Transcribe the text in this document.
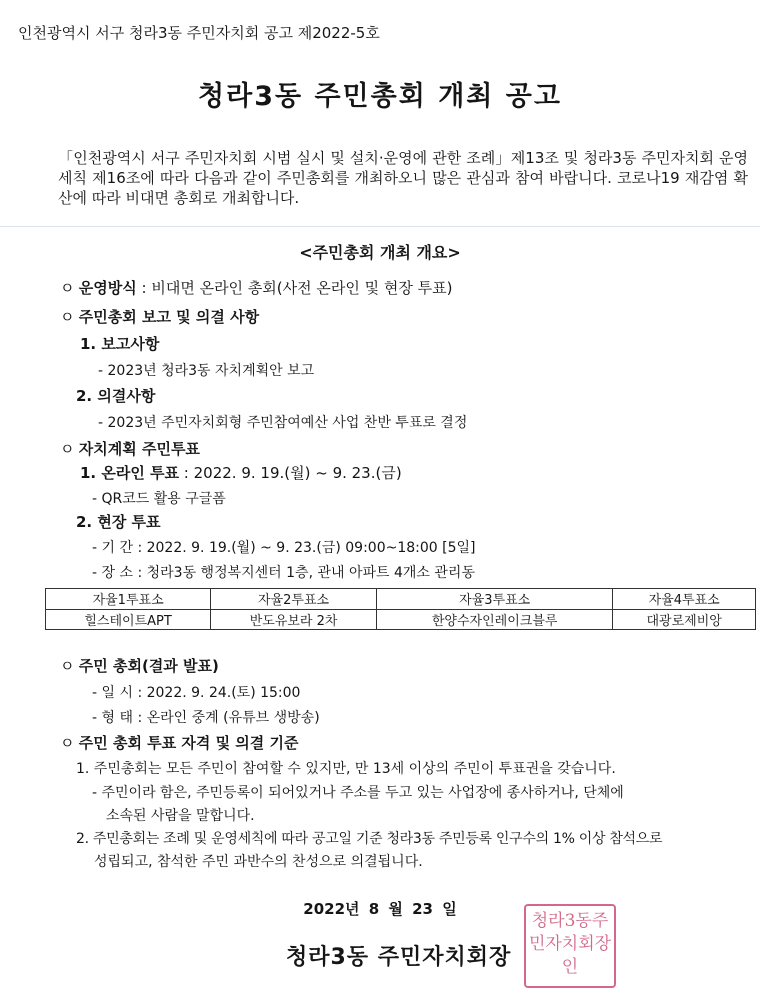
인천광역시 서구 청라3동 주민자치회 공고 제2022-5호
청라3동 주민총회 개최 공고
「인천광역시 서구 주민자치회 시범 실시 및 설치·운영에 관한 조례」제13조 및 청라3동 주민자치회 운영세칙 제16조에 따라 다음과 같이 주민총회를 개최하오니 많은 관심과 참여 바랍니다. 코로나19 재감염 확산에 따라 비대면 총회로 개최합니다.
<주민총회 개최 개요>
ㅇ 운영방식 : 비대면 온라인 총회(사전 온라인 및 현장 투표)
ㅇ 주민총회 보고 및 의결 사항
1. 보고사항
- 2023년 청라3동 자치계획안 보고
2. 의결사항
- 2023년 주민자치회형 주민참여예산 사업 찬반 투표로 결정
ㅇ 자치계획 주민투표
1. 온라인 투표 : 2022. 9. 19.(월) ~ 9. 23.(금)
- QR코드 활용 구글폼
2. 현장 투표
- 기 간 : 2022. 9. 19.(월) ~ 9. 23.(금) 09:00~18:00 [5일]
- 장 소 : 청라3동 행정복지센터 1층, 관내 아파트 4개소 관리동
자율1투표소	자율2투표소	자율3투표소	자율4투표소
힐스테이트APT	반도유보라 2차	한양수자인레이크블루	대광로제비앙
ㅇ 주민 총회(결과 발표)
- 일 시 : 2022. 9. 24.(토) 15:00
- 형 태 : 온라인 중계 (유튜브 생방송)
ㅇ 주민 총회 투표 자격 및 의결 기준
1. 주민총회는 모든 주민이 참여할 수 있지만, 만 13세 이상의 주민이 투표권을 갖습니다.
- 주민이라 함은, 주민등록이 되어있거나 주소를 두고 있는 사업장에 종사하거나, 단체에
소속된 사람을 말합니다.
2. 주민총회는 조례 및 운영세칙에 따라 공고일 기준 청라3동 주민등록 인구수의 1% 이상 참석으로
성립되고, 참석한 주민 과반수의 찬성으로 의결됩니다.
2022년 8 월 23 일
청라3동주민자치회장인
청라3동 주민자치회장
